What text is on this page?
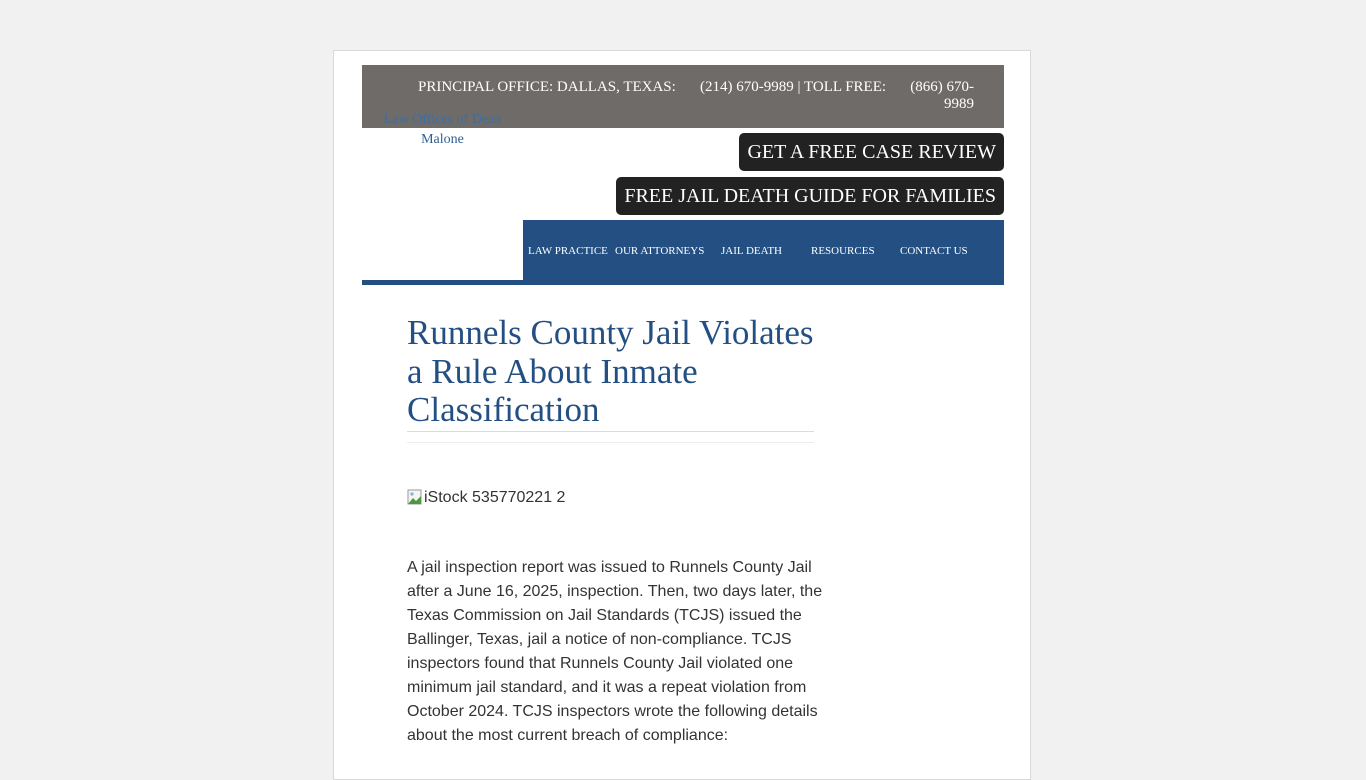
PRINCIPAL OFFICE: DALLAS, TEXAS: (214) 670-9989 | TOLL FREE:	(866) 670-
9989
Law Offices of Dean
Malone
GET A FREE CASE REVIEW
FREE JAIL DEATH GUIDE FOR FAMILIES
LAW PRACTICE OUR ATTORNEYS JAIL DEATH	RESOURCES CONTACT US
Runnels County Jail Violates a Rule About Inmate Classification
iStock 535770221 2

A jail inspection report was issued to Runnels County Jail after a June 16, 2025, inspection. Then, two days later, the Texas Commission on Jail Standards (TCJS) issued the Ballinger, Texas, jail a notice of non-compliance. TCJS inspectors found that Runnels County Jail violated one minimum jail standard, and it was a repeat violation from October 2024. TCJS inspectors wrote the following details about the most current breach of compliance:
